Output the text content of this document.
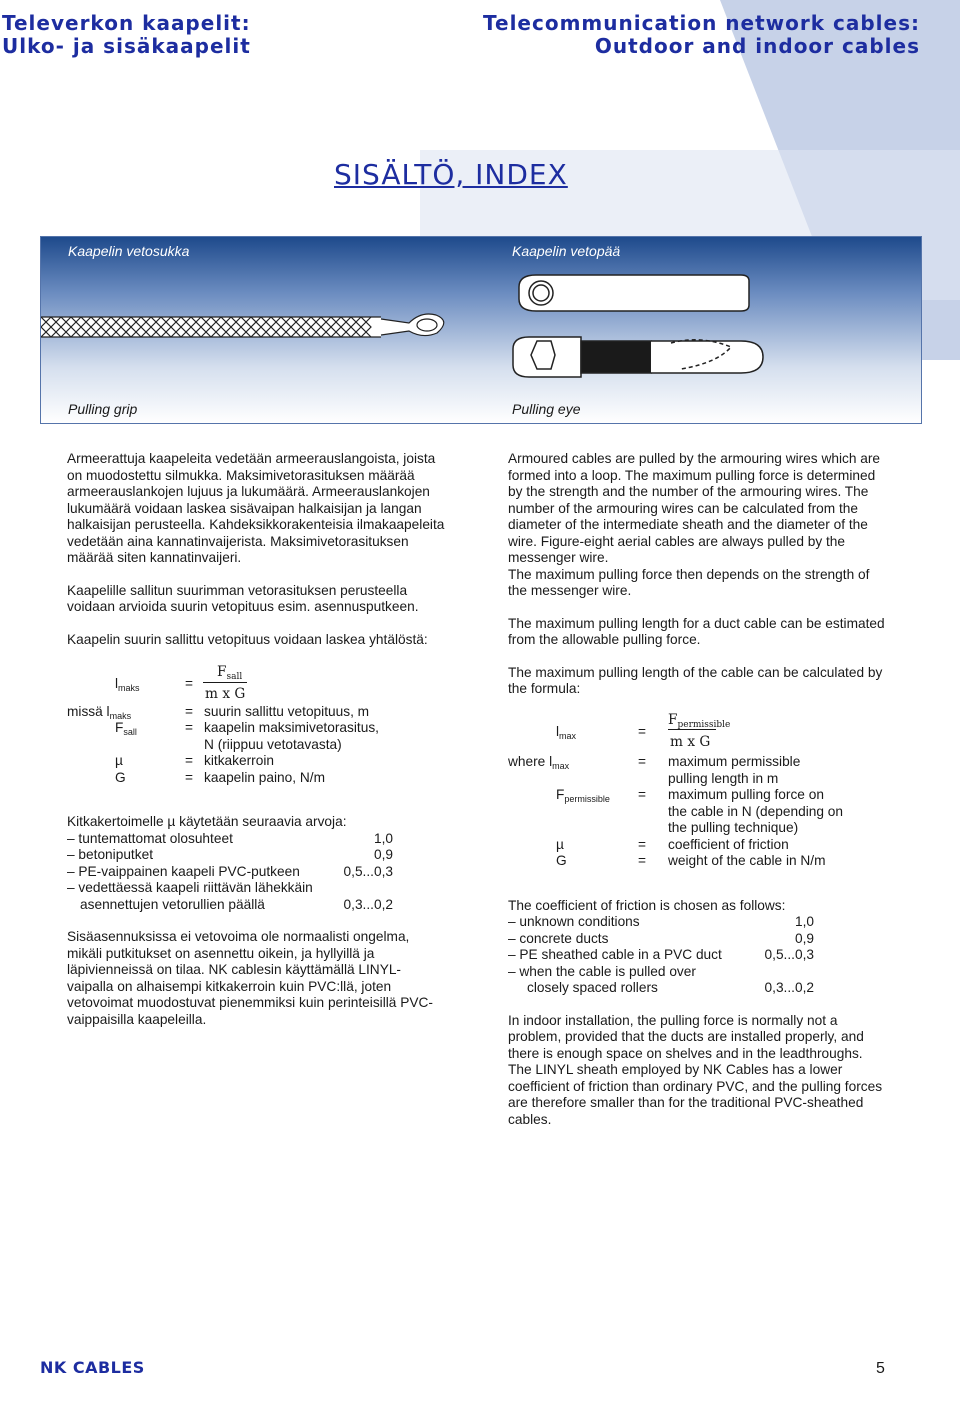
Televerkon kaapelit:
Ulko- ja sisäkaapelit
Telecommunication network cables:
Outdoor and indoor cables
SISÄLTÖ, INDEX
Kaapelin vetosukka	Kaapelin vetopää
Pulling grip	Pulling eye

Armeerattuja kaapeleita vedetään armeerauslangoista, joista on muodostettu silmukka. Maksimivetorasituksen määrää armeerauslankojen lujuus ja lukumäärä. Armeerauslankojen lukumäärä voidaan laskea sisävaipan halkaisijan ja langan halkaisijan perusteella. Kahdeksikkorakenteisia ilmakaapeleita vedetään aina kannatinvaijerista. Maksimivetorasituksen määrää siten kannatinvaijeri.

Kaapelille sallitun suurimman vetorasituksen perusteella voidaan arvioida suurin vetopituus esim. asennusputkeen.

Kaapelin suurin sallittu vetopituus voidaan laskea yhtälöstä:

$l_{maks}$	=
$F_{sall}$
m x G
missä $l_{maks}$	= suurin sallittu vetopituus, m
$F_{sall}$	= kaapelin maksimivetorasitus,
N (riippuu vetotavasta)
µ	= kitkakerroin
G	= kaapelin paino, N/m

Kitkakertoimelle µ käytetään seuraavia arvoja:

– tuntemattomat olosuhteet	1,0
– betoniputket	0,9
– PE-vaippainen kaapeli PVC-putkeen	0,5...0,3
– vedettäessä kaapeli riittävän lähekkäin
asennettujen vetorullien päällä	0,3...0,2

Sisäasennuksissa ei vetovoima ole normaalisti ongelma, mikäli putkitukset on asennettu oikein, ja hyllyillä ja läpivienneissä on tilaa. NK cablesin käyttämällä LINYL-vaipalla on alhaisempi kitkakerroin kuin PVC:llä, joten vetovoimat muodostuvat pienemmiksi kuin perinteisillä PVC-vaippaisilla kaapeleilla.

Armoured cables are pulled by the armouring wires which are formed into a loop. The maximum pulling force is determined by the strength and the number of the armouring wires. The number of the armouring wires can be calculated from the diameter of the intermediate sheath and the diameter of the wire. Figure-eight aerial cables are always pulled by the messenger wire.

The maximum pulling force then depends on the strength of the messenger wire.

The maximum pulling length for a duct cable can be estimated from the allowable pulling force.

The maximum pulling length of the cable can be calculated by the formula:

$l_{max}$	=
$F_{permissible}$
m x G
where $l_{max}$	= maximum permissible
pulling length in m
$F_{permissible}$ = maximum pulling force on
the cable in N (depending on
the pulling technique)
µ	= coefficient of friction
G	= weight of the cable in N/m

The coefficient of friction is chosen as follows:

– unknown conditions	1,0
– concrete ducts	0,9
– PE sheathed cable in a PVC duct	0,5...0,3
– when the cable is pulled over
closely spaced rollers	0,3...0,2

In indoor installation, the pulling force is normally not a problem, provided that the ducts are installed properly, and there is enough space on shelves and in the leadthroughs. The LINYL sheath employed by NK Cables has a lower coefficient of friction than ordinary PVC, and the pulling forces are therefore smaller than for the traditional PVC-sheathed cables.

NK CABLES	5
